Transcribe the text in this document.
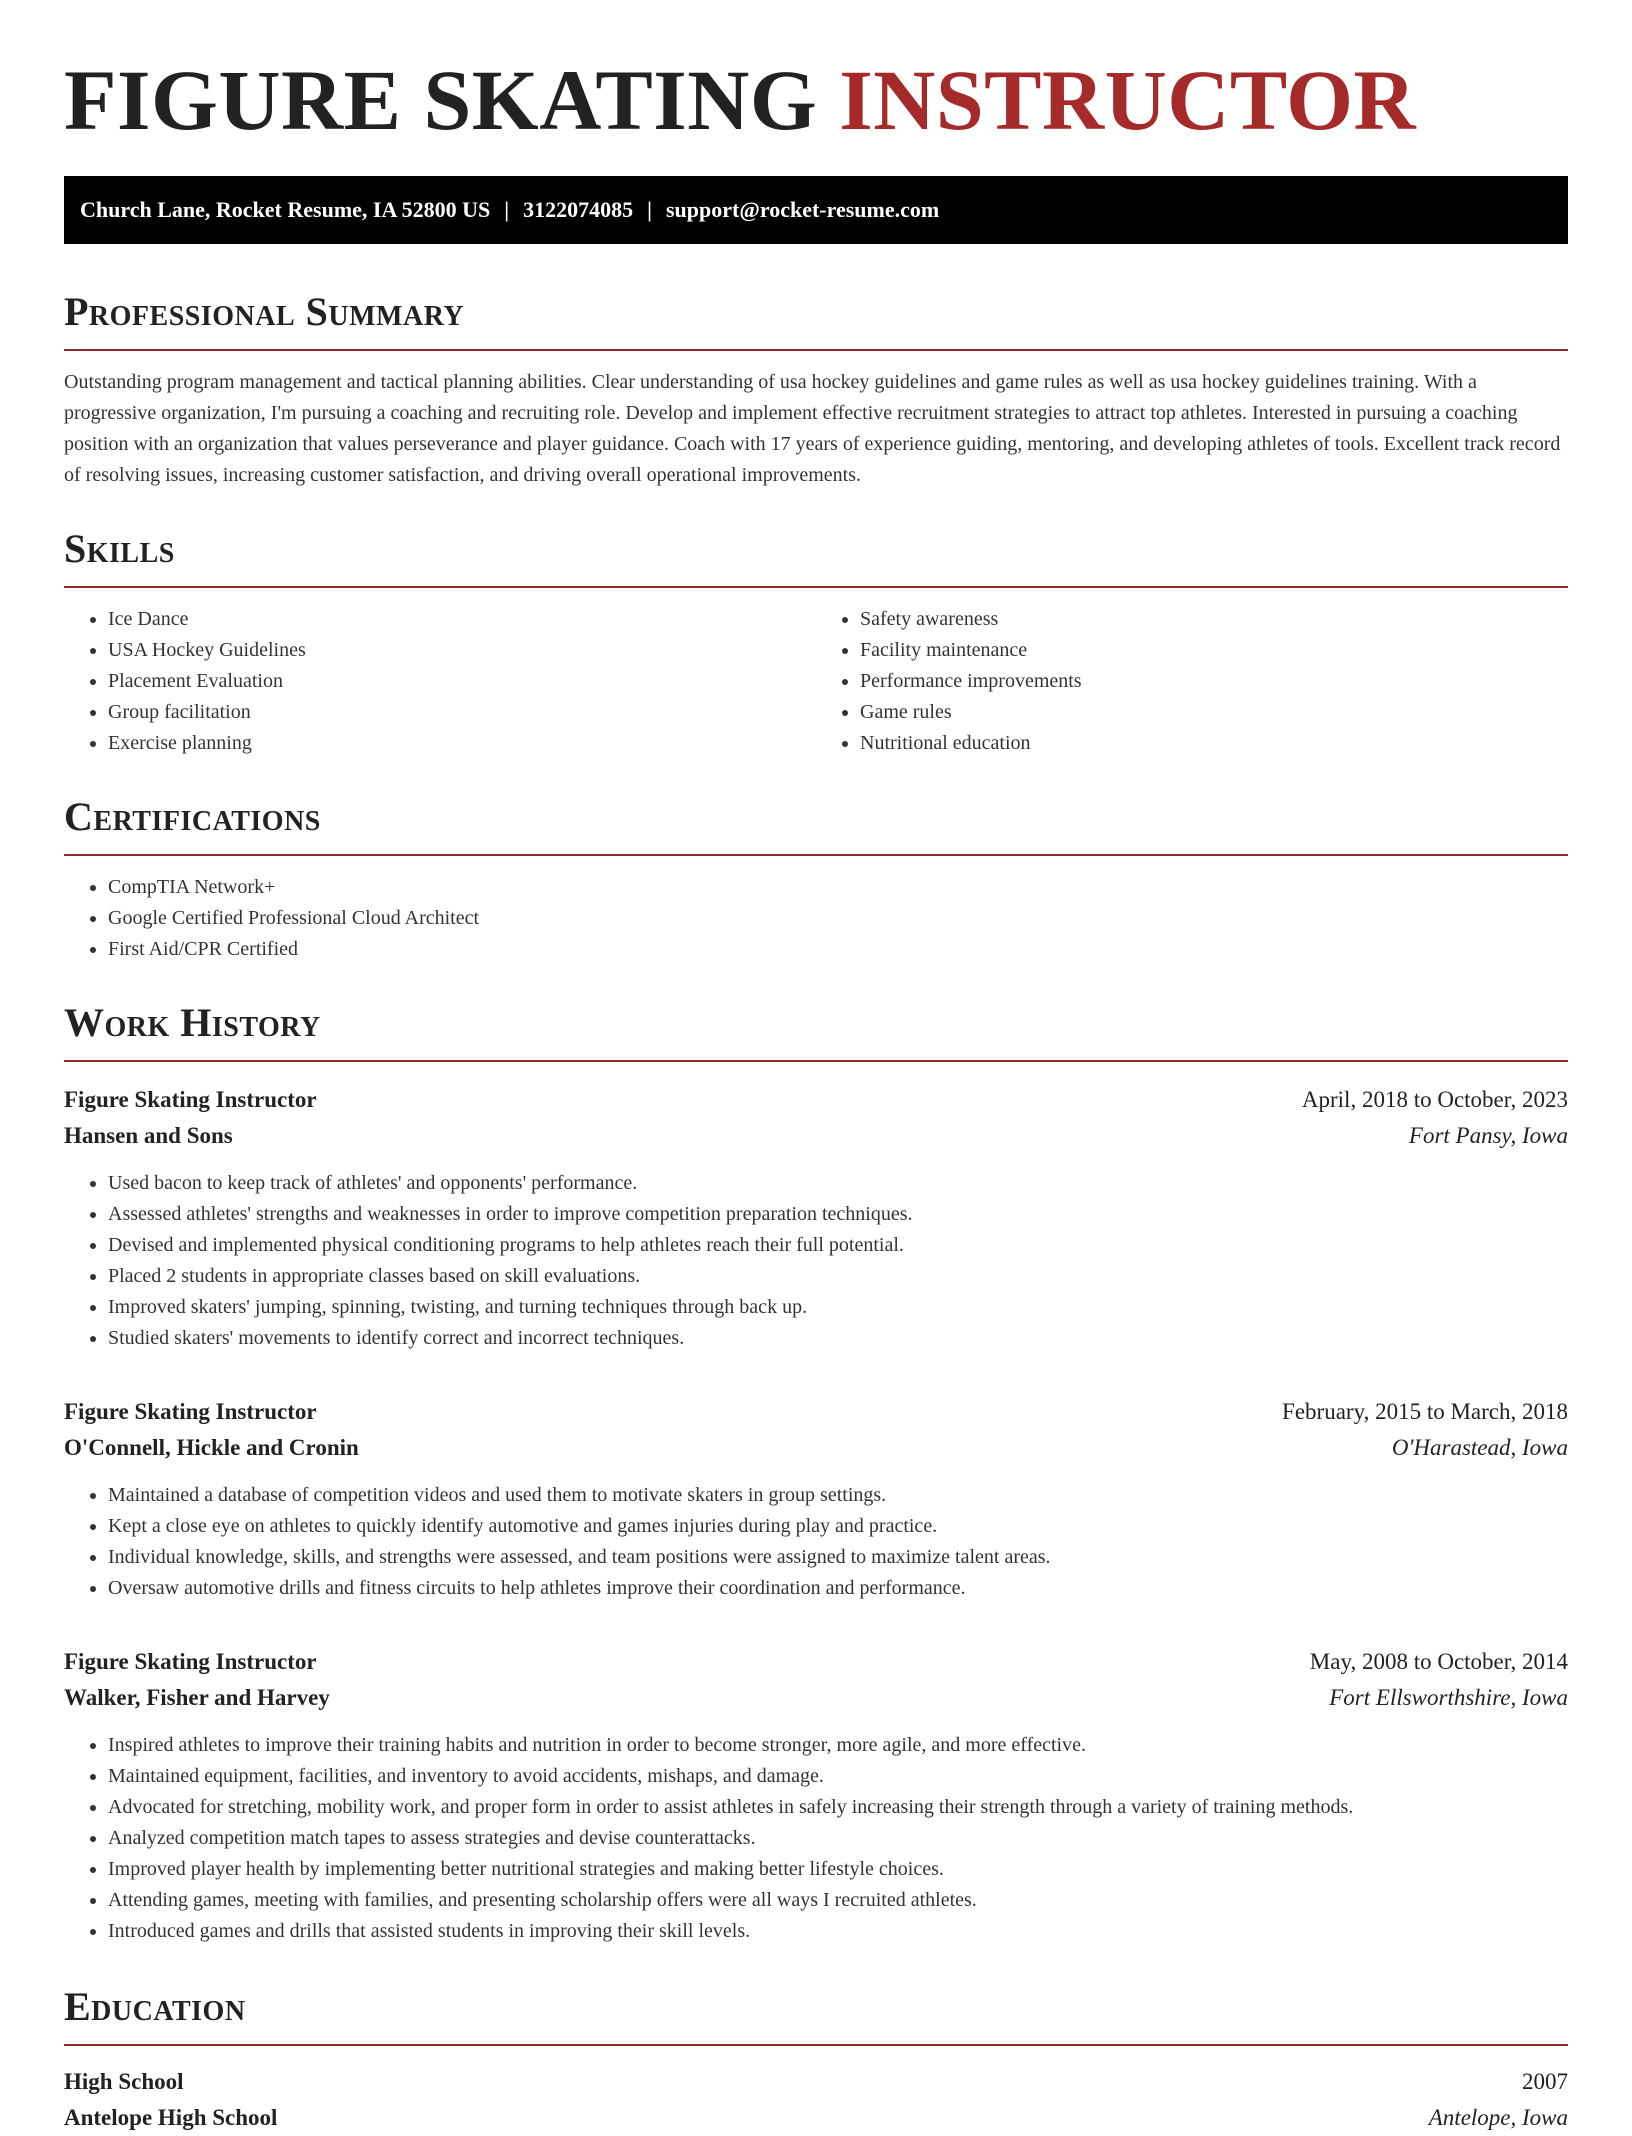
FIGURE SKATING INSTRUCTOR
Church Lane, Rocket Resume, IA 52800 US | 3122074085 | support@rocket-resume.com
Professional Summary

Outstanding program management and tactical planning abilities. Clear understanding of usa hockey guidelines and game rules as well as usa hockey guidelines training. With a progressive organization, I'm pursuing a coaching and recruiting role. Develop and implement effective recruitment strategies to attract top athletes. Interested in pursuing a coaching position with an organization that values perseverance and player guidance. Coach with 17 years of experience guiding, mentoring, and developing athletes of tools. Excellent track record of resolving issues, increasing customer satisfaction, and driving overall operational improvements.

Skills
• Ice Dance
• USA Hockey Guidelines
• Placement Evaluation
• Group facilitation
• Exercise planning
• Safety awareness
• Facility maintenance
• Performance improvements
• Game rules
• Nutritional education
Certifications
• CompTIA Network+
• Google Certified Professional Cloud Architect
• First Aid/CPR Certified
Work History
Figure Skating Instructor	April, 2018 to October, 2023
Hansen and Sons	Fort Pansy, Iowa
• Used bacon to keep track of athletes' and opponents' performance.
• Assessed athletes' strengths and weaknesses in order to improve competition preparation techniques.
• Devised and implemented physical conditioning programs to help athletes reach their full potential.
• Placed 2 students in appropriate classes based on skill evaluations.
• Improved skaters' jumping, spinning, twisting, and turning techniques through back up.
• Studied skaters' movements to identify correct and incorrect techniques.
Figure Skating Instructor	February, 2015 to March, 2018
O'Connell, Hickle and Cronin	O'Harastead, Iowa
• Maintained a database of competition videos and used them to motivate skaters in group settings.
• Kept a close eye on athletes to quickly identify automotive and games injuries during play and practice.
• Individual knowledge, skills, and strengths were assessed, and team positions were assigned to maximize talent areas.
• Oversaw automotive drills and fitness circuits to help athletes improve their coordination and performance.
Figure Skating Instructor	May, 2008 to October, 2014
Walker, Fisher and Harvey	Fort Ellsworthshire, Iowa
• Inspired athletes to improve their training habits and nutrition in order to become stronger, more agile, and more effective.
• Maintained equipment, facilities, and inventory to avoid accidents, mishaps, and damage.
• Advocated for stretching, mobility work, and proper form in order to assist athletes in safely increasing their strength through a variety of training methods.
• Analyzed competition match tapes to assess strategies and devise counterattacks.
• Improved player health by implementing better nutritional strategies and making better lifestyle choices.
• Attending games, meeting with families, and presenting scholarship offers were all ways I recruited athletes.
• Introduced games and drills that assisted students in improving their skill levels.
Education
High School	2007
Antelope High School	Antelope, Iowa
